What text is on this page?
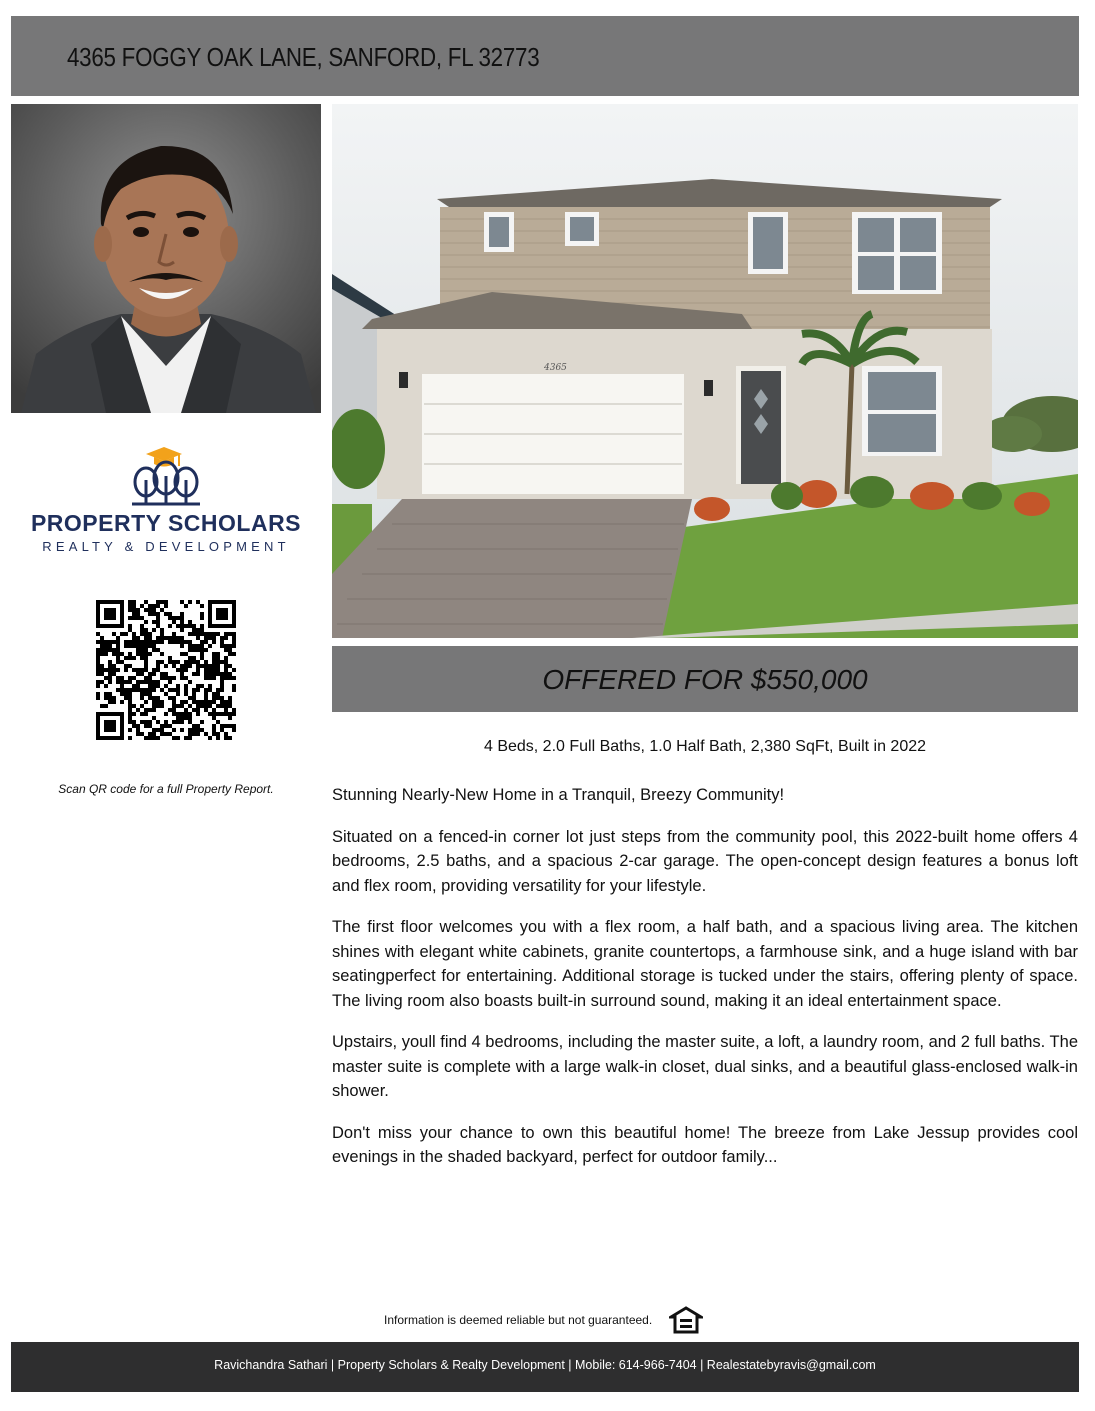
4365 FOGGY OAK LANE, SANFORD, FL 32773
4365
PROPERTY SCHOLARS
REALTY & DEVELOPMENT
Scan QR code for a full Property Report.
OFFERED FOR $550,000
4 Beds, 2.0 Full Baths, 1.0 Half Bath, 2,380 SqFt, Built in 2022

Stunning Nearly-New Home in a Tranquil, Breezy Community!

Situated on a fenced-in corner lot just steps from the community pool, this 2022-built home offers 4 bedrooms, 2.5 baths, and a spacious 2-car garage. The open-concept design features a bonus loft and flex room, providing versatility for your lifestyle.

The first floor welcomes you with a flex room, a half bath, and a spacious living area. The kitchen shines with elegant white cabinets, granite countertops, a farmhouse sink, and a huge island with bar seatingperfect for entertaining. Additional storage is tucked under the stairs, offering plenty of space. The living room also boasts built-in surround sound, making it an ideal entertainment space.

Upstairs, youll find 4 bedrooms, including the master suite, a loft, a laundry room, and 2 full baths. The master suite is complete with a large walk-in closet, dual sinks, and a beautiful glass-enclosed walk-in shower.

Don't miss your chance to own this beautiful home! The breeze from Lake Jessup provides cool evenings in the shaded backyard, perfect for outdoor family...

Information is deemed reliable but not guaranteed.
Ravichandra Sathari | Property Scholars & Realty Development | Mobile: 614-966-7404 | Realestatebyravis@gmail.com
